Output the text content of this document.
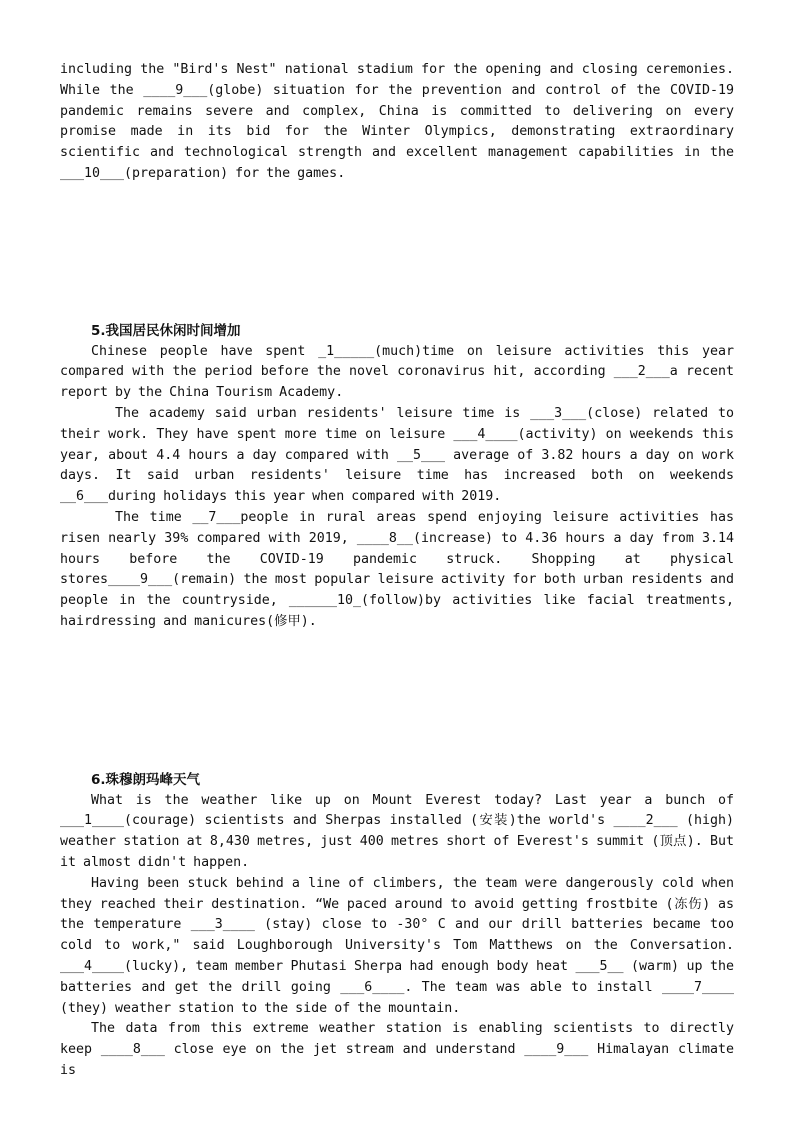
including the "Bird's Nest" national stadium for the opening and closing ceremonies. While the ____9___(globe) situation for the prevention and control of the COVID-19 pandemic remains severe and complex, China is committed to delivering on every promise made in its bid for the Winter Olympics, demonstrating extraordinary scientific and technological strength and excellent management capabilities in the ___10___(preparation) for the games.

5.我国居民休闲时间增加

Chinese people have spent _1_____(much)time on leisure activities this year compared with the period before the novel coronavirus hit, according ___2___a recent report by the China Tourism Academy.

The academy said urban residents' leisure time is ___3___(close) related to their work. They have spent more time on leisure ___4____(activity) on weekends this year, about 4.4 hours a day compared with __5___ average of 3.82 hours a day on work days. It said urban residents' leisure time has increased both on weekends __6___during holidays this year when compared with 2019.

The time __7___people in rural areas spend enjoying leisure activities has risen nearly 39% compared with 2019, ____8__(increase) to 4.36 hours a day from 3.14 hours before the COVID-19 pandemic struck. Shopping at physical stores____9___(remain) the most popular leisure activity for both urban residents and people in the countryside, ______10_(follow)by activities like facial treatments, hairdressing and manicures(修甲).

6.珠穆朗玛峰天气

What is the weather like up on Mount Everest today? Last year a bunch of ___1____(courage) scientists and Sherpas installed (安装)the world's ____2___ (high) weather station at 8,430 metres, just 400 metres short of Everest's summit (顶点). But it almost didn't happen.

Having been stuck behind a line of climbers, the team were dangerously cold when they reached their destination. “We paced around to avoid getting frostbite (冻伤) as the temperature ___3____ (stay) close to -30° C and our drill batteries became too cold to work," said Loughborough University's Tom Matthews on the Conversation. ___4____(lucky), team member Phutasi Sherpa had enough body heat ___5__ (warm) up the batteries and get the drill going ___6____. The team was able to install ____7____ (they) weather station to the side of the mountain.

The data from this extreme weather station is enabling scientists to directly keep ____8___ close eye on the jet stream and understand ____9___ Himalayan climate is
